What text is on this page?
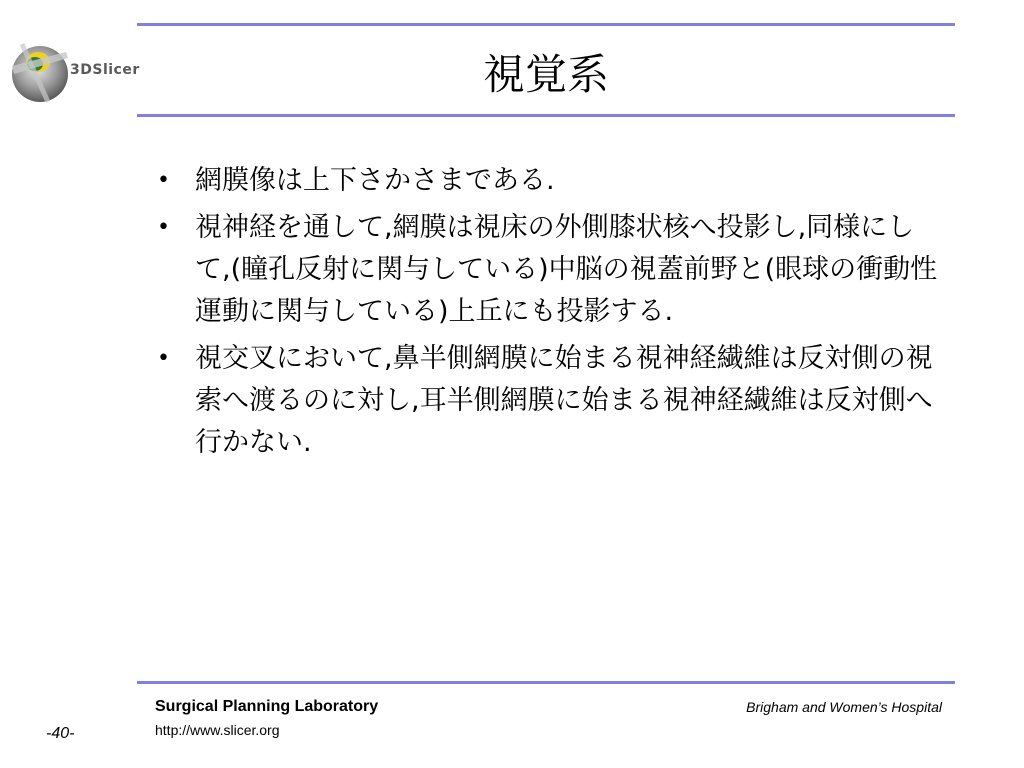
3DSlicer	視覚系
• 網膜像は上下さかさまである.
• 視神経を通して,網膜は視床の外側膝状核へ投影し,同様にして,(瞳孔反射に関与している)中脳の視蓋前野と(眼球の衝動性運動に関与している)上丘にも投影する.
• 視交叉において,鼻半側網膜に始まる視神経繊維は反対側の視索へ渡るのに対し,耳半側網膜に始まる視神経繊維は反対側へ行かない.
Surgical Planning Laboratory
http://www.slicer.org
Brigham and Women’s Hospital
-40-
